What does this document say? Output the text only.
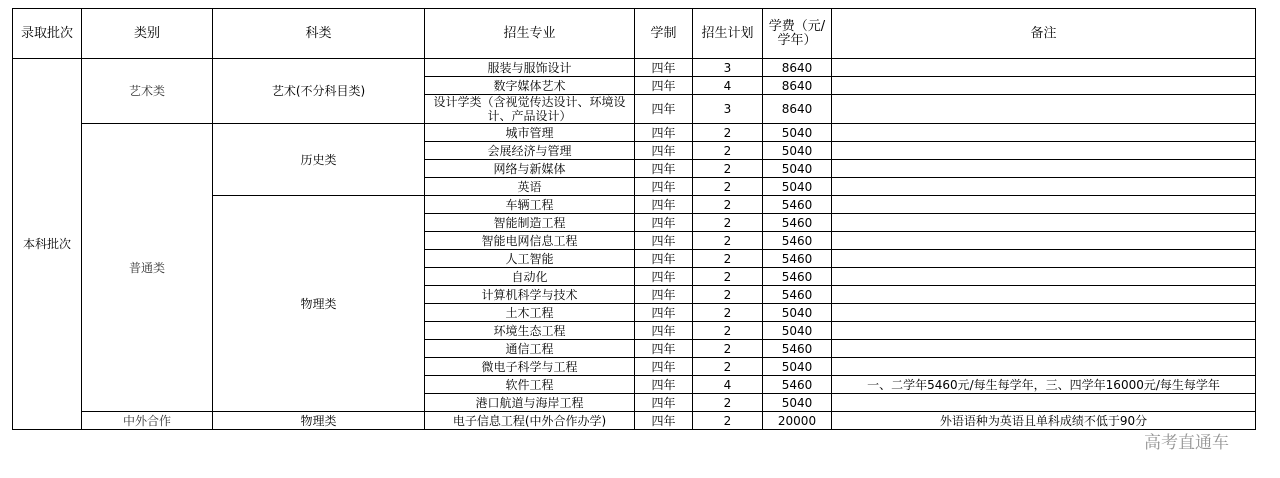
录取批次	类别	科类	招生专业	学制	招生计划	学费（元/学年）	备注
本科批次	艺术类	艺术(不分科目类)	服装与服饰设计	四年	3	8640	
			数字媒体艺术	四年	4	8640	
			设计学类（含视觉传达设计、环境设计、产品设计）	四年	3	8640	
	普通类	历史类	城市管理	四年	2	5040	
			会展经济与管理	四年	2	5040	
			网络与新媒体	四年	2	5040	
			英语	四年	2	5040	
		物理类	车辆工程	四年	2	5460	
			智能制造工程	四年	2	5460	
			智能电网信息工程	四年	2	5460	
			人工智能	四年	2	5460	
			自动化	四年	2	5460	
			计算机科学与技术	四年	2	5460	
			土木工程	四年	2	5040	
			环境生态工程	四年	2	5040	
			通信工程	四年	2	5460	
			微电子科学与工程	四年	2	5040	
			软件工程	四年	4	5460	一、二学年5460元/每生每学年，三、四学年16000元/每生每学年
			港口航道与海岸工程	四年	2	5040	
	中外合作	物理类	电子信息工程(中外合作办学)	四年	2	20000	外语语种为英语且单科成绩不低于90分
高考直通车
